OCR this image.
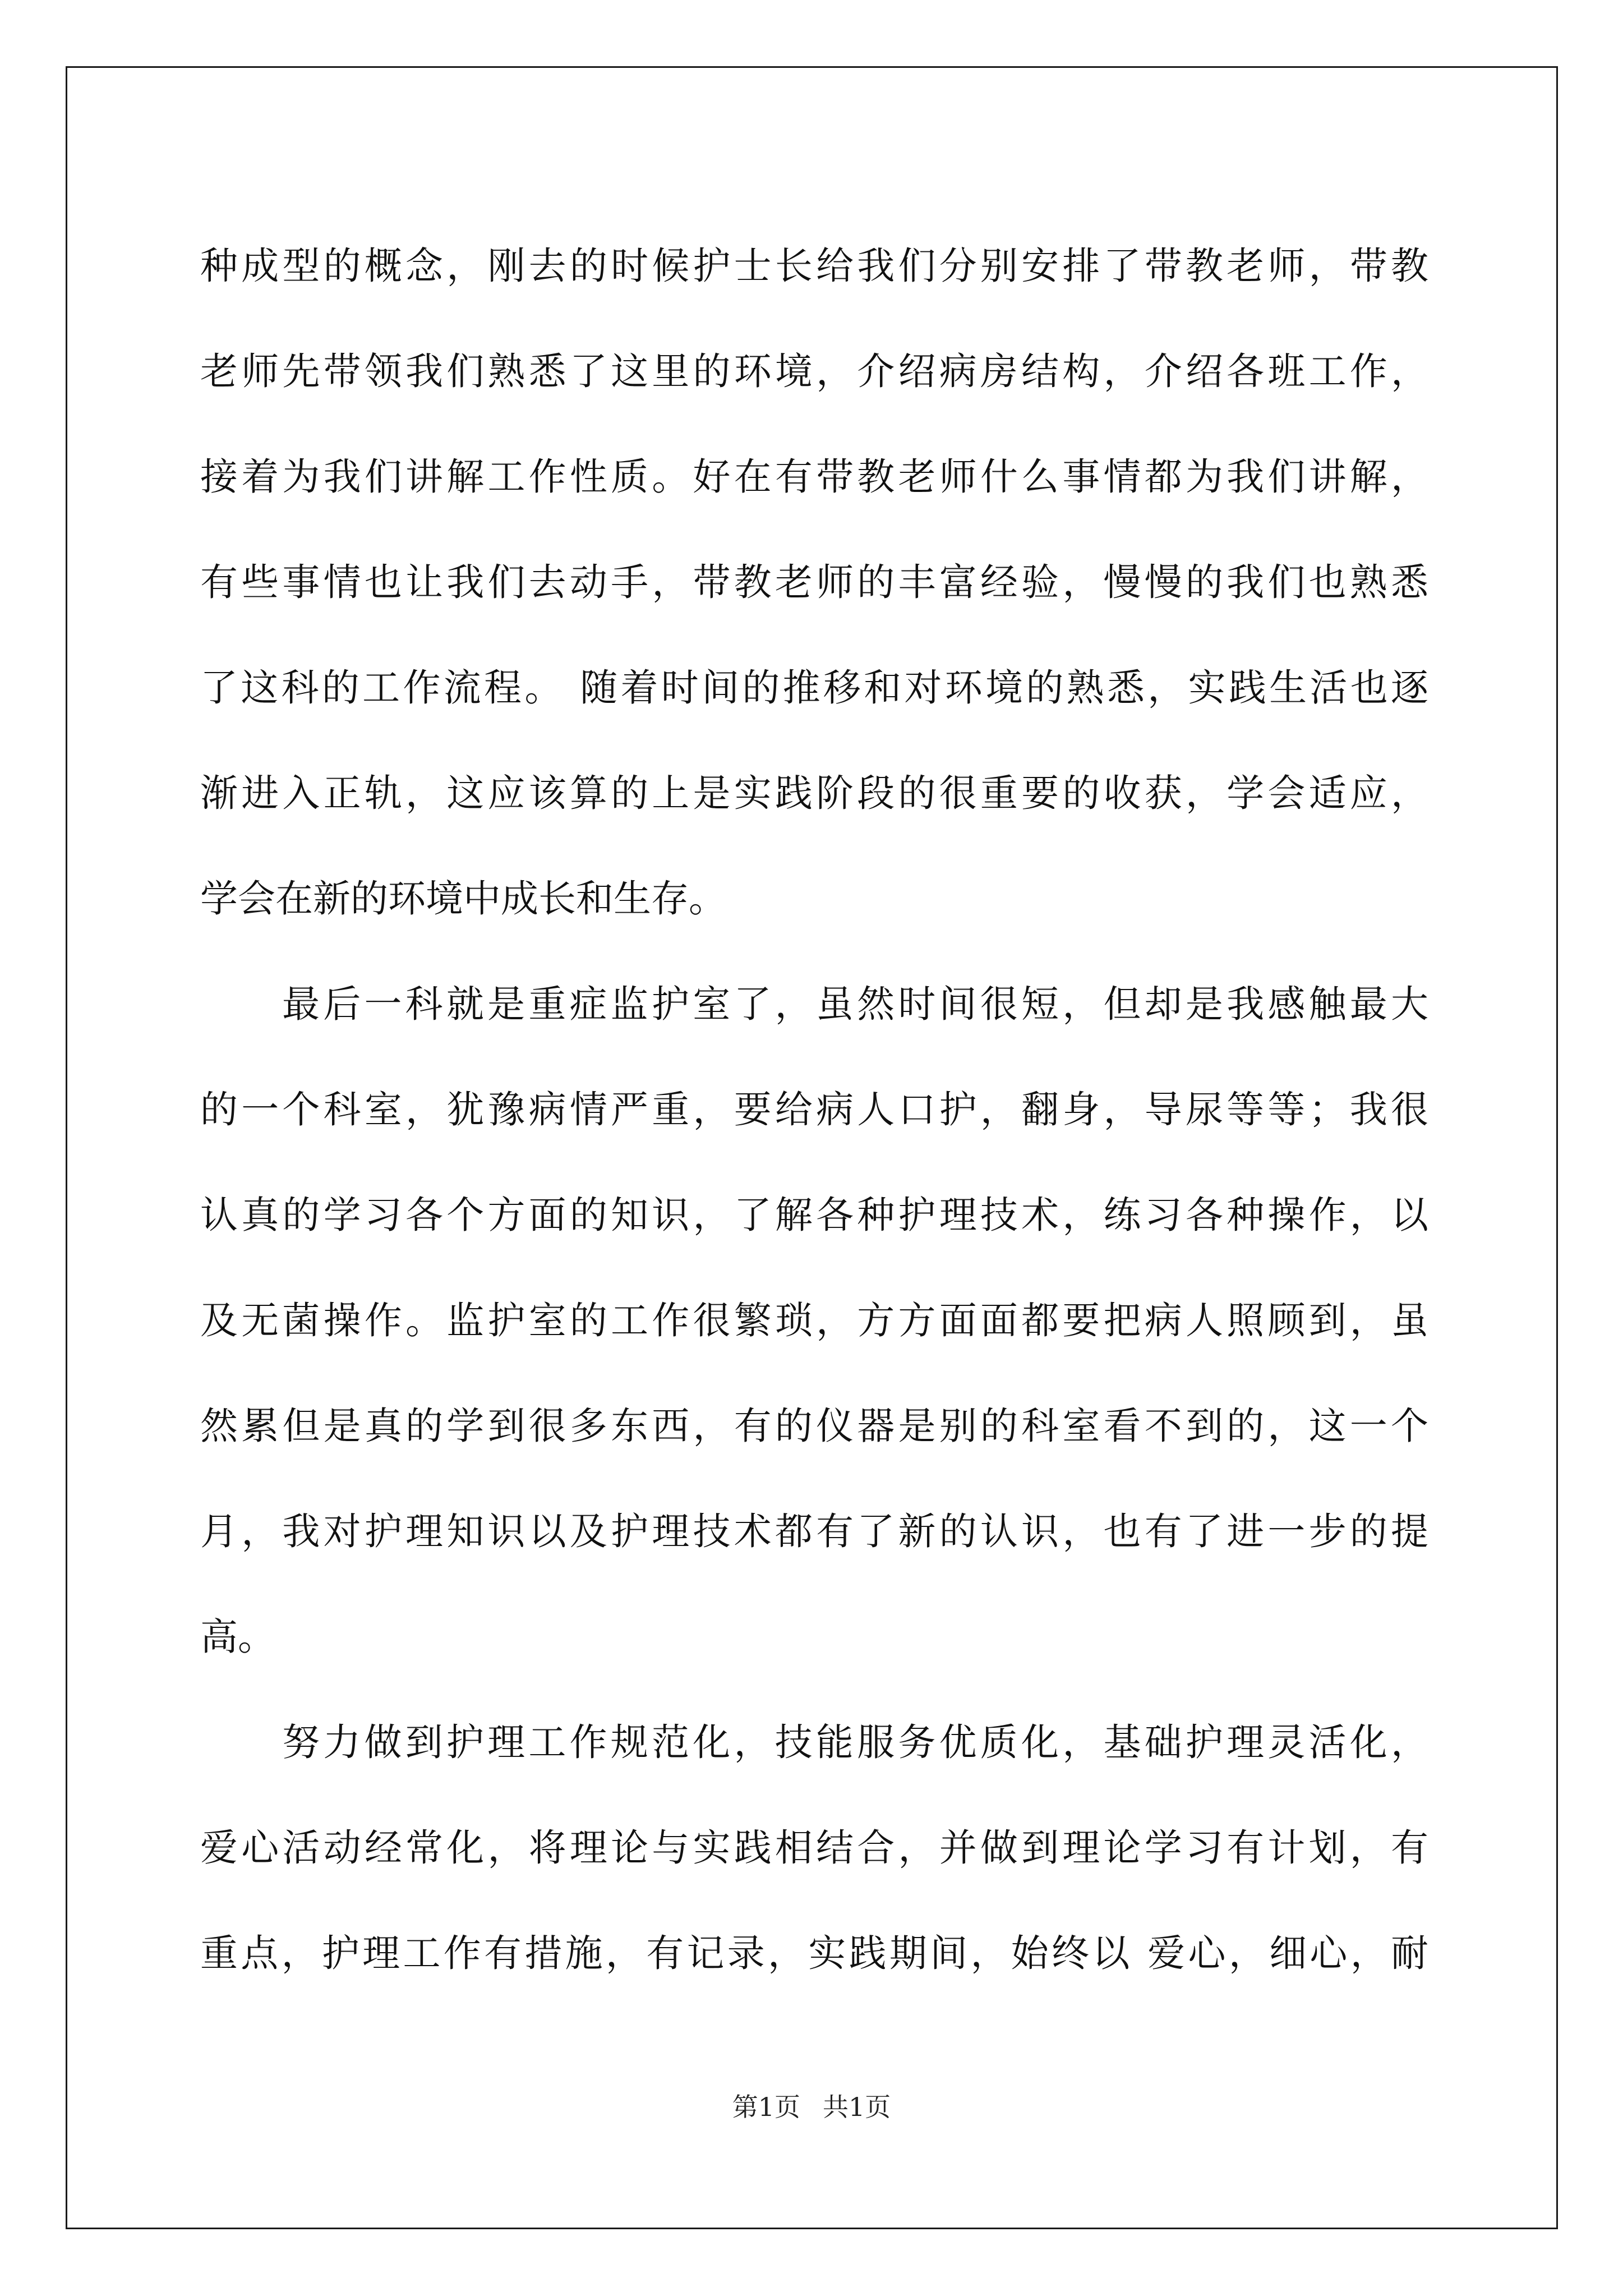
种成型的概念，刚去的时候护士长给我们分别安排了带教老师，带教
老师先带领我们熟悉了这里的环境，介绍病房结构，介绍各班工作，
接着为我们讲解工作性质。好在有带教老师什么事情都为我们讲解，
有些事情也让我们去动手，带教老师的丰富经验，慢慢的我们也熟悉
了这科的工作流程。 随着时间的推移和对环境的熟悉，实践生活也逐
渐进入正轨，这应该算的上是实践阶段的很重要的收获，学会适应，
学会在新的环境中成长和生存。
最后一科就是重症监护室了，虽然时间很短，但却是我感触最大
的一个科室，犹豫病情严重，要给病人口护，翻身，导尿等等；我很
认真的学习各个方面的知识，了解各种护理技术，练习各种操作，以
及无菌操作。监护室的工作很繁琐，方方面面都要把病人照顾到，虽
然累但是真的学到很多东西，有的仪器是别的科室看不到的，这一个
月，我对护理知识以及护理技术都有了新的认识，也有了进一步的提
高。
努力做到护理工作规范化，技能服务优质化，基础护理灵活化，
爱心活动经常化，将理论与实践相结合，并做到理论学习有计划，有
重点，护理工作有措施，有记录，实践期间，始终以 爱心，细心，耐
第1页 共1页
